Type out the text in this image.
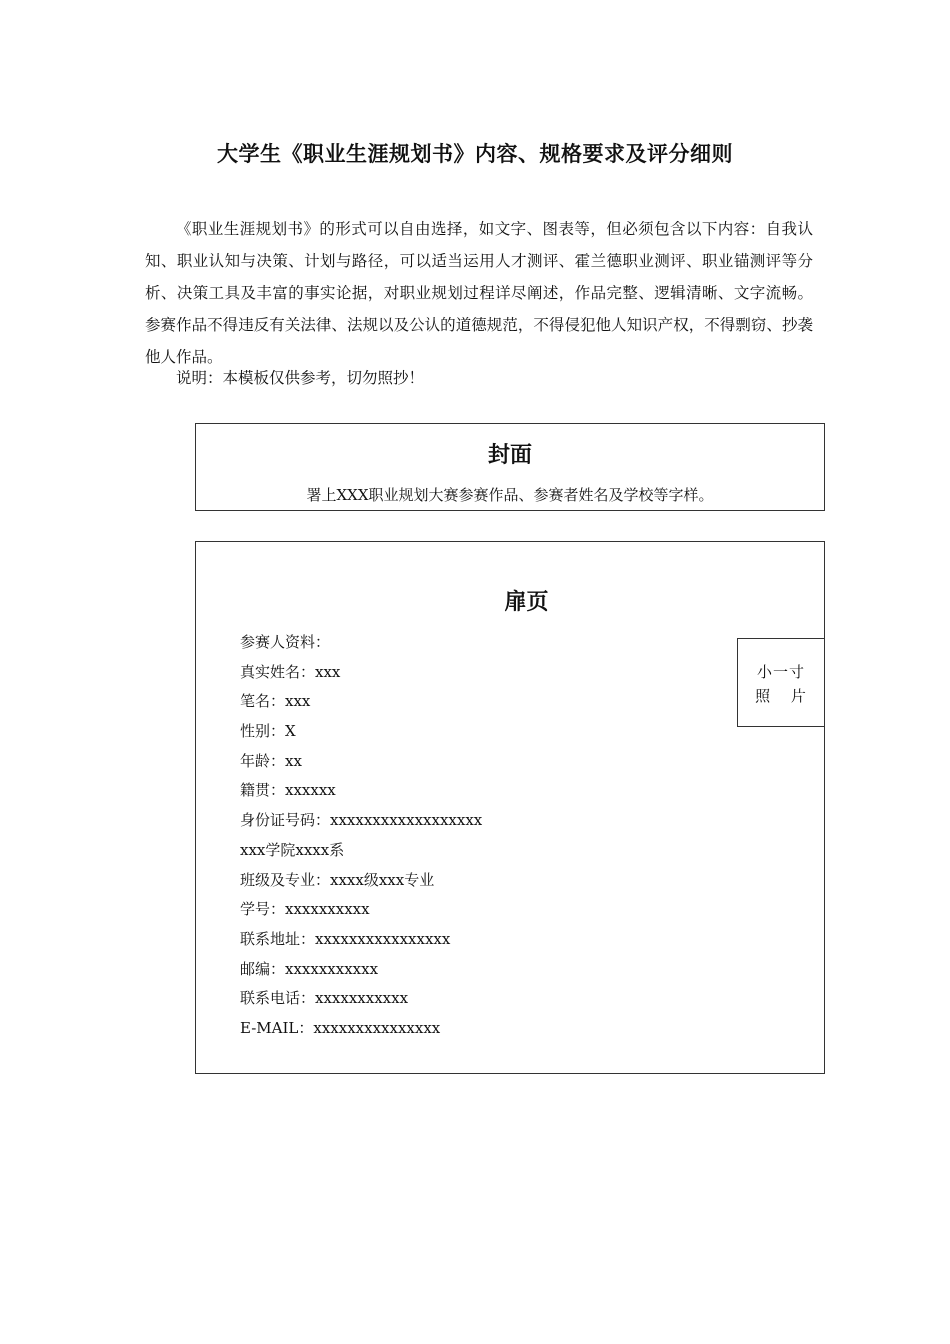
大学生《职业生涯规划书》内容、规格要求及评分细则

《职业生涯规划书》的形式可以自由选择，如文字、图表等，但必须包含以下内容：自我认知、职业认知与决策、计划与路径，可以适当运用人才测评、霍兰德职业测评、职业锚测评等分析、决策工具及丰富的事实论据，对职业规划过程详尽阐述，作品完整、逻辑清晰、文字流畅。 参赛作品不得违反有关法律、法规以及公认的道德规范，不得侵犯他人知识产权，不得剽窃、抄袭他人作品。

说明：本模板仅供参考，切勿照抄！

封面

署上XXX职业规划大赛参赛作品、参赛者姓名及学校等字样。

扉页
参赛人资料：
真实姓名：xxx
笔名：xxx
性别：X
年龄：xx
籍贯：xxxxxx
身份证号码：xxxxxxxxxxxxxxxxxx
xxx学院xxxx系
班级及专业：xxxx级xxx专业
学号：xxxxxxxxxx
联系地址：xxxxxxxxxxxxxxxx
邮编：xxxxxxxxxxx
联系电话：xxxxxxxxxxx
E-MAIL：xxxxxxxxxxxxxxx

小一寸

照 片
